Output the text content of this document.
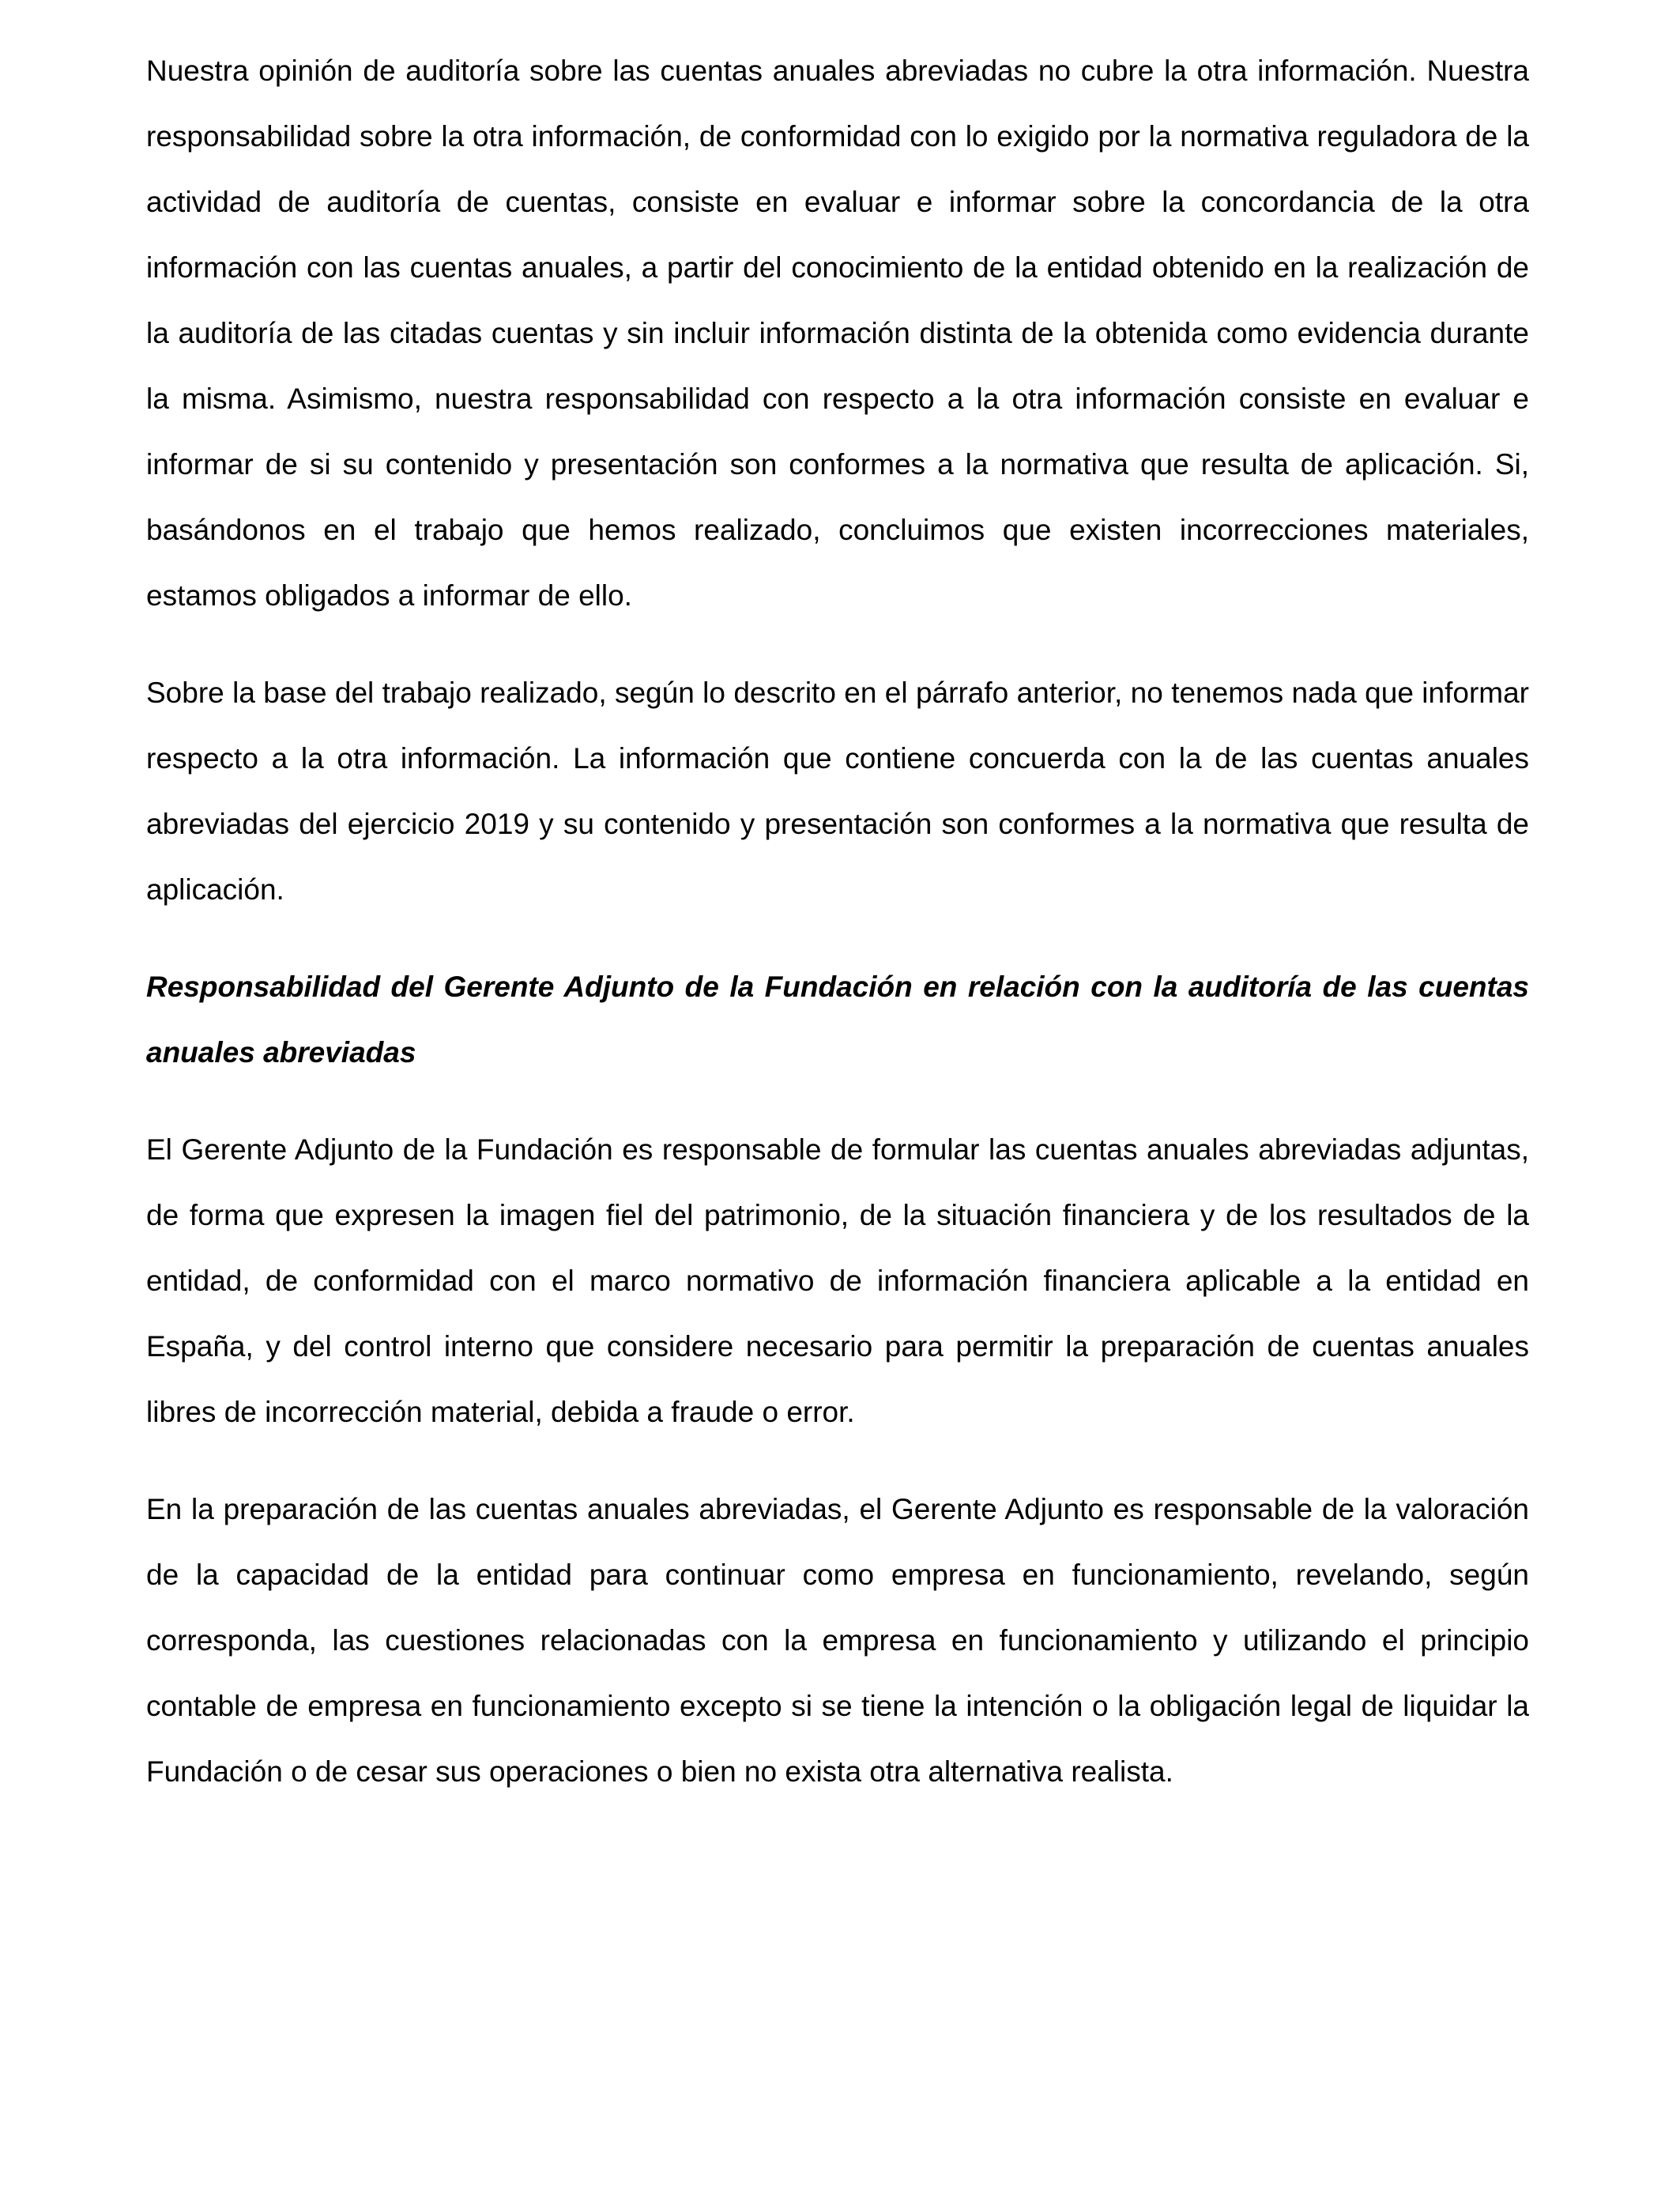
Nuestra opinión de auditoría sobre las cuentas anuales abreviadas no cubre la otra información. Nuestra responsabilidad sobre la otra información, de conformidad con lo exigido por la normativa reguladora de la actividad de auditoría de cuentas, consiste en evaluar e informar sobre la concordancia de la otra información con las cuentas anuales, a partir del conocimiento de la entidad obtenido en la realización de la auditoría de las citadas cuentas y sin incluir información distinta de la obtenida como evidencia durante la misma. Asimismo, nuestra responsabilidad con respecto a la otra información consiste en evaluar e informar de si su contenido y presentación son conformes a la normativa que resulta de aplicación. Si, basándonos en el trabajo que hemos realizado, concluimos que existen incorrecciones materiales, estamos obligados a informar de ello.

Sobre la base del trabajo realizado, según lo descrito en el párrafo anterior, no tenemos nada que informar respecto a la otra información. La información que contiene concuerda con la de las cuentas anuales abreviadas del ejercicio 2019 y su contenido y presentación son conformes a la normativa que resulta de aplicación.

Responsabilidad del Gerente Adjunto de la Fundación en relación con la auditoría de las cuentas anuales abreviadas

El Gerente Adjunto de la Fundación es responsable de formular las cuentas anuales abreviadas adjuntas, de forma que expresen la imagen fiel del patrimonio, de la situación financiera y de los resultados de la entidad, de conformidad con el marco normativo de información financiera aplicable a la entidad en España, y del control interno que considere necesario para permitir la preparación de cuentas anuales libres de incorrección material, debida a fraude o error.

En la preparación de las cuentas anuales abreviadas, el Gerente Adjunto es responsable de la valoración de la capacidad de la entidad para continuar como empresa en funcionamiento, revelando, según corresponda, las cuestiones relacionadas con la empresa en funcionamiento y utilizando el principio contable de empresa en funcionamiento excepto si se tiene la intención o la obligación legal de liquidar la Fundación o de cesar sus operaciones o bien no exista otra alternativa realista.
